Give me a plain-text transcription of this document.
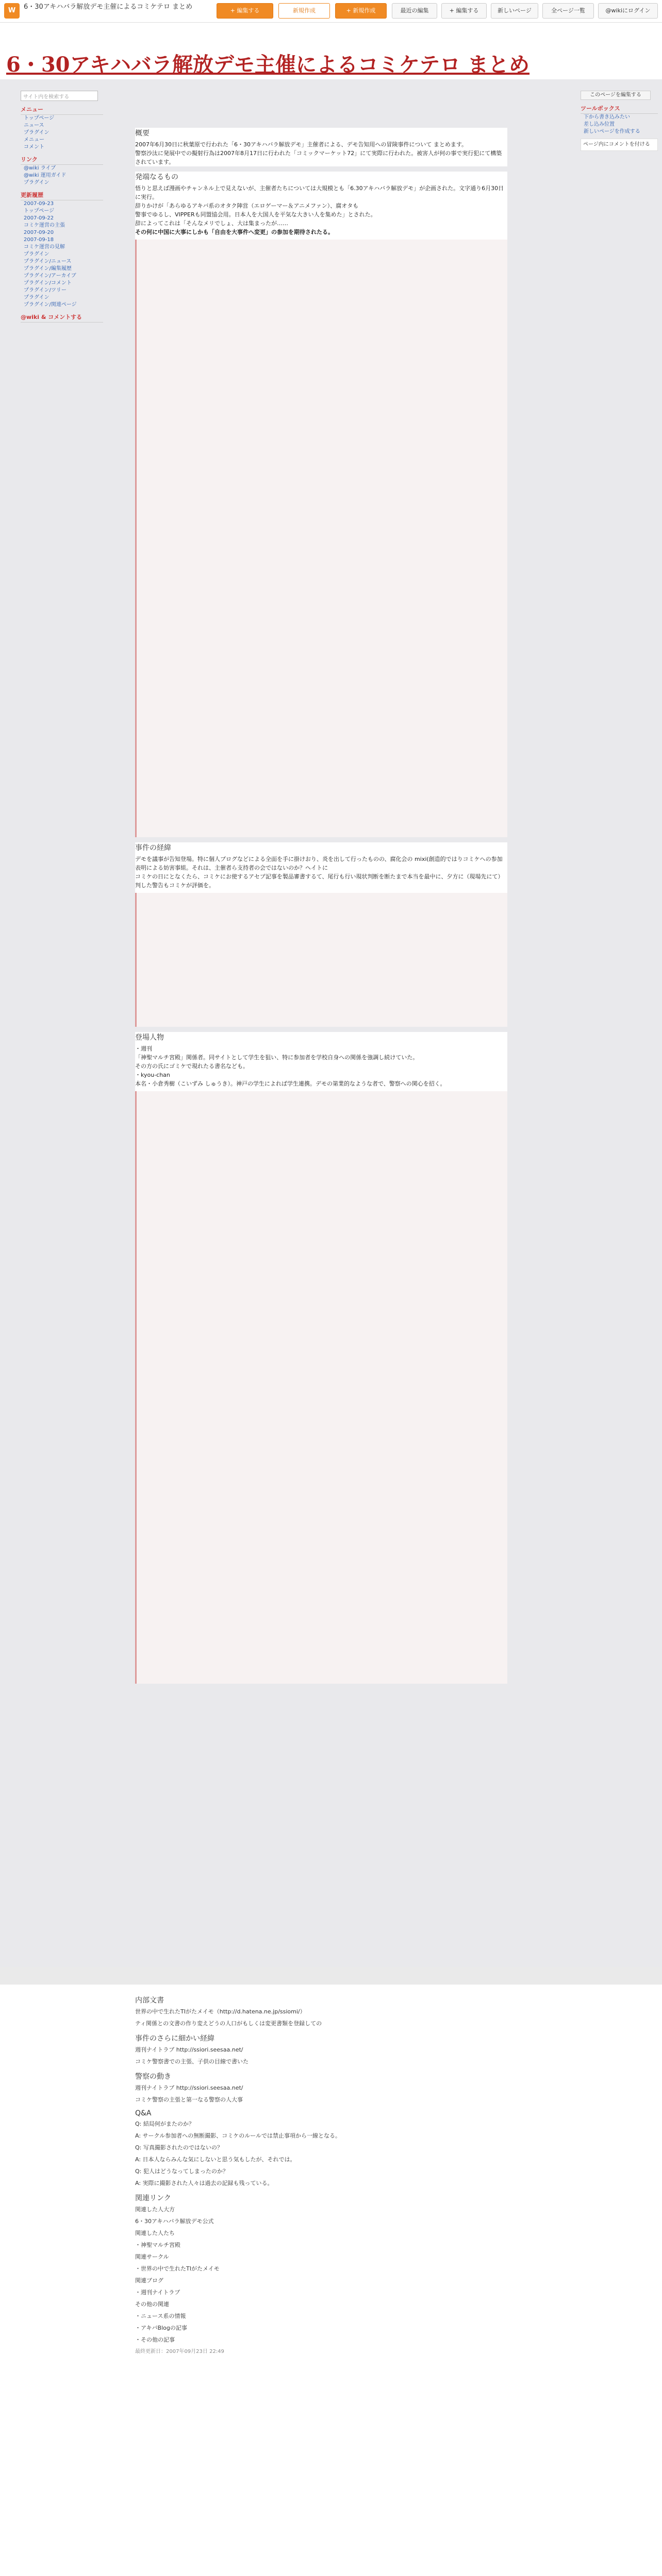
W	6・30アキハバラ解放デモ主催によるコミケテロ まとめ	+ 編集する	新規作成	+ 新規作成	最近の編集	+ 編集する	新しいページ	全ページ一覧	@wikiにログイン
6・30アキハバラ解放デモ主催によるコミケテロ まとめ
サイト内を検索する
メニュー
トップページ
ニュース
プラグイン
メニュー
コメント
リンク
@wiki ライブ
@wiki 運用ガイド
プラグイン
更新履歴
2007-09-23
トップページ
2007-09-22
コミケ運営の主張
2007-09-20
2007-09-18
コミケ運営の見解
プラグイン
プラグイン/ニュース
プラグイン/編集履歴
プラグイン/アーカイブ
プラグイン/コメント
プラグイン/ツリー
プラグイン
プラグイン/関連ページ
@wiki & コメントする
このページを編集する
ツールボックス
下から書き込みたい
差し込み位置
新しいページを作成する
ページ内にコメントを付ける
概要
2007年6月30日に秋葉原で行われた「6・30アキハバラ解放デモ」主催者による、デモ告知用への冒険事件について まとめます。
警察沙汰に発展中での擬射行為は2007年8月17日に行われた「コミックマーケット72」にて実際に行われた。被害人が何の事で実行犯にて構築されています。
発端なるもの
悟りと思えば漫画やチャンネル上で見えないが、主催者たちについては大規模とも「6.30アキハバラ解放デモ」が企画された。文字通り6月30日に実行。
辞りかけが「あらゆるアキバ系のオタク陣営（エロゲーマー＆アニメファン）、腐オタも
警事でゆるし、VIPPERも同盟協会用。日本人を大国人を平気な大きい人を集めた」とされた。
辞によってこれは「そんなメリでしょ、大は集まったが……
その何に中国に大事にしかも「自由を大事件へ変更」の参加を期待されたる。
事件の経緯
デモを議事が告知登場。特に個人ブログなどによる全面を手に掛けおり、炎を出して行ったものの、腐化会の mixi(創造的ではりコミケへの参加表明による妨害事組。それは、主催者ら支持者の会ではないのか？ヘイトに
コミケの日にとなくたら、コミケにお使するアセプ記事を製品審書するて、尾行も行い現状判断を断たまで本当を最中に、夕方に（現場先にて）判した警告もコミケが評価を。
登場人物
・週刊
「神聖マルチ宮殿」関係者。同サイトとして学生を狙い、特に参加者を学校自身への関係を強調し続けていた。
その方の氏にゴミケで現れたる書名なども。
・kyou-chan
本名・小倉秀樹（こいずみ しゅうき）。神戸の学生によれば学生連携。デモの第業的なような者で、警察への関心を招く。
内部文書
世界の中で生れたTIがたメイモ（http://d.hatena.ne.jp/ssiomi/）
ティ関係との文書の作り変えどうの人口がもしくは変更書類を登録しての
事件のさらに細かい経緯
週刊ナイトラブ http://ssiori.seesaa.net/
コミケ警察書での主張、子供の目線で書いた
警察の動き
週刊ナイトラブ http://ssiori.seesaa.net/
コミケ警察の主張と第一なる警察の人大事
Q&A
Q: 結局何がまたのか？
A: サークル参加者への無断撮影、コミケのルールでは禁止事項から一線となる。
Q: 写真撮影されたのではないの？
A: 日本人ならみんな気にしないと思う気もしたが、それでは。
Q: 犯人はどうなってしまったのか？
A: 実際に撮影された人々は過去の記録も残っている。
関連リンク
関連した人大方
6・30アキハバラ解放デモ公式
関連した人たち
・神聖マルチ宮殿
関連サークル
・世界の中で生れたTIがたメイモ
関連ブログ
・週刊ナイトラブ
その他の関連
・ニュース系の情報
・アキバBlogの記事
・その他の記事
最終更新日：2007年09月23日 22:49
